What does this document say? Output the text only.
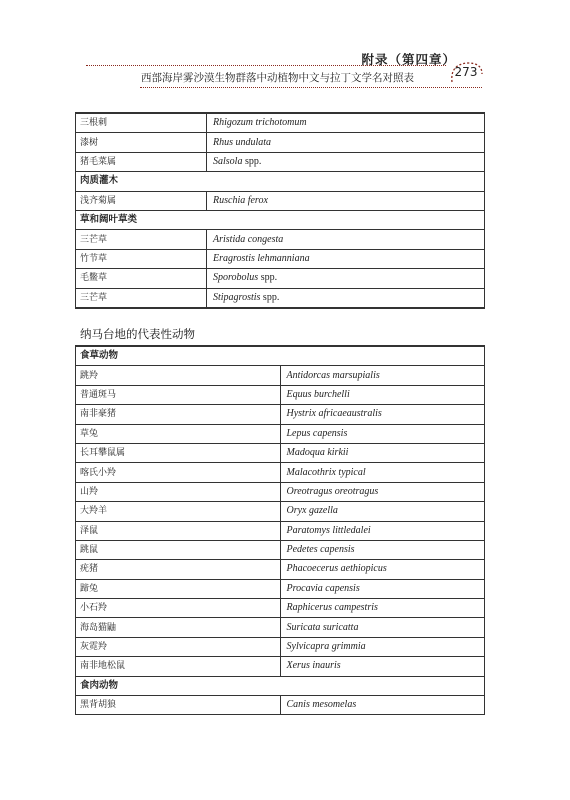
附录（第四章）
西部海岸雾沙漠生物群落中动植物中文与拉丁文学名对照表	273
三根刺	Rhigozum trichotomum
漆树	Rhus undulata
猪毛菜属	Salsola spp.
肉质灌木	
浅齐菊属	Ruschia ferox
草和阔叶草类	
三芒草	Aristida congesta
竹节草	Eragrostis lehmanniana
毛鳖草	Sporobolus spp.
三芒草	Stipagrostis spp.
纳马台地的代表性动物
食草动物	
跳羚	Antidorcas marsupialis
普通斑马	Equus burchelli
南非豪猪	Hystrix africaeaustralis
草兔	Lepus capensis
长耳攀鼠属	Madoqua kirkii
喀氏小羚	Malacothrix typical
山羚	Oreotragus oreotragus
大羚羊	Oryx gazella
泽鼠	Paratomys littledalei
跳鼠	Pedetes capensis
疣猪	Phacoecerus aethiopicus
蹄兔	Procavia capensis
小石羚	Raphicerus campestris
海岛猫鼬	Suricata suricatta
灰霓羚	Sylvicapra grimmia
南非地松鼠	Xerus inauris
食肉动物	
黑背胡狼	Canis mesomelas
